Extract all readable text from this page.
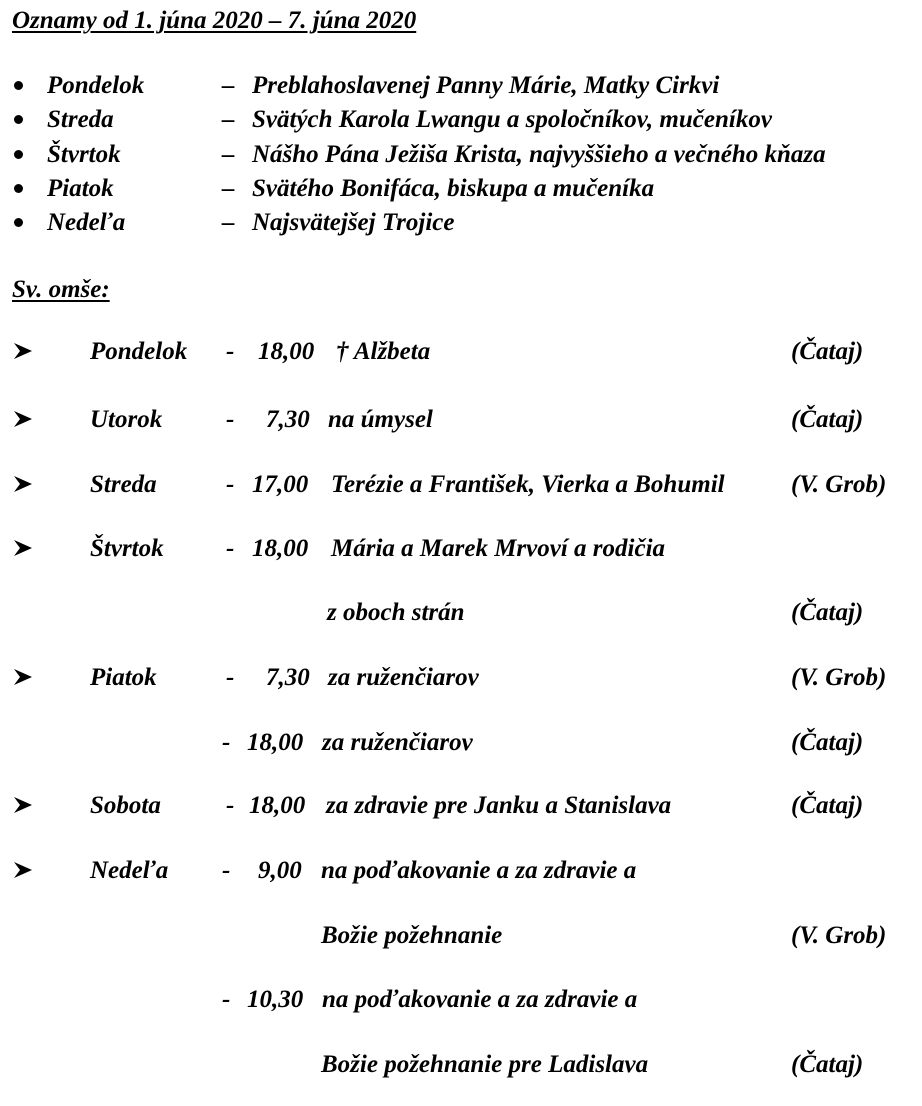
Oznamy od 1. júna 2020 – 7. júna 2020
Pondelok	– Preblahoslavenej Panny Márie, Matky Cirkvi
Streda	– Svätých Karola Lwangu a spoločníkov, mučeníkov
Štvrtok	– Nášho Pána Ježiša Krista, najvyššieho a večného kňaza
Piatok	– Svätého Bonifáca, biskupa a mučeníka
Nedeľa	– Najsvätejšej Trojice
Sv. omše:
Pondelok - 18,00 † Alžbeta	(Čataj)
Utorok	- 7,30 na úmysel	(Čataj)
Streda	- 17,00 Terézie a František, Vierka a Bohumil	(V. Grob)
Štvrtok - 18,00 Mária a Marek Mrvoví a rodičia
z oboch strán	(Čataj)
Piatok	- 7,30 za ruženčiarov	(V. Grob)
- 18,00 za ruženčiarov	(Čataj)
Sobota	- 18,00 za zdravie pre Janku a Stanislava	(Čataj)
Nedeľa - 9,00 na poďakovanie a za zdravie a
Božie požehnanie	(V. Grob)
- 10,30 na poďakovanie a za zdravie a
Božie požehnanie pre Ladislava	(Čataj)
